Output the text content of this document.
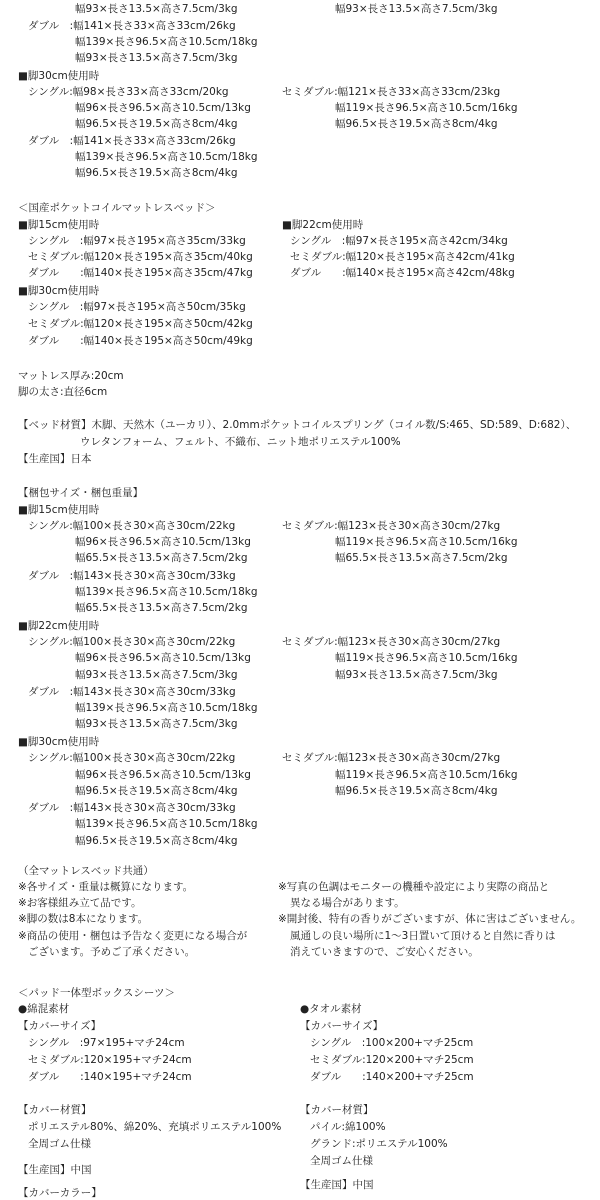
幅93×長さ13.5×高さ7.5cm/3kg	幅93×長さ13.5×高さ7.5cm/3kg
ダブル　:幅141×長さ33×高さ33cm/26kg
幅139×長さ96.5×高さ10.5cm/18kg
幅93×長さ13.5×高さ7.5cm/3kg
■脚30cm使用時
シングル:幅98×長さ33×高さ33cm/20kg	セミダブル:幅121×長さ33×高さ33cm/23kg
幅96×長さ96.5×高さ10.5cm/13kg	幅119×長さ96.5×高さ10.5cm/16kg
幅96.5×長さ19.5×高さ8cm/4kg	幅96.5×長さ19.5×高さ8cm/4kg
ダブル　:幅141×長さ33×高さ33cm/26kg
幅139×長さ96.5×高さ10.5cm/18kg
幅96.5×長さ19.5×高さ8cm/4kg
＜国産ポケットコイルマットレスベッド＞
■脚15cm使用時	■脚22cm使用時
シングル　:幅97×長さ195×高さ35cm/33kg	シングル　:幅97×長さ195×高さ42cm/34kg
セミダブル:幅120×長さ195×高さ35cm/40kg	セミダブル:幅120×長さ195×高さ42cm/41kg
ダブル　　:幅140×長さ195×高さ35cm/47kg	ダブル　　:幅140×長さ195×高さ42cm/48kg
■脚30cm使用時
シングル　:幅97×長さ195×高さ50cm/35kg
セミダブル:幅120×長さ195×高さ50cm/42kg
ダブル　　:幅140×長さ195×高さ50cm/49kg
マットレス厚み:20cm
脚の太さ:直径6cm
【ベッド材質】木脚、天然木（ユーカリ）、2.0mmポケットコイルスプリング（コイル数/S:465、SD:589、D:682）、
ウレタンフォーム、フェルト、不織布、ニット地ポリエステル100%
【生産国】日本
【梱包サイズ・梱包重量】
■脚15cm使用時
シングル:幅100×長さ30×高さ30cm/22kg	セミダブル:幅123×長さ30×高さ30cm/27kg
幅96×長さ96.5×高さ10.5cm/13kg	幅119×長さ96.5×高さ10.5cm/16kg
幅65.5×長さ13.5×高さ7.5cm/2kg	幅65.5×長さ13.5×高さ7.5cm/2kg
ダブル　:幅143×長さ30×高さ30cm/33kg
幅139×長さ96.5×高さ10.5cm/18kg
幅65.5×長さ13.5×高さ7.5cm/2kg
■脚22cm使用時
シングル:幅100×長さ30×高さ30cm/22kg	セミダブル:幅123×長さ30×高さ30cm/27kg
幅96×長さ96.5×高さ10.5cm/13kg	幅119×長さ96.5×高さ10.5cm/16kg
幅93×長さ13.5×高さ7.5cm/3kg	幅93×長さ13.5×高さ7.5cm/3kg
ダブル　:幅143×長さ30×高さ30cm/33kg
幅139×長さ96.5×高さ10.5cm/18kg
幅93×長さ13.5×高さ7.5cm/3kg
■脚30cm使用時
シングル:幅100×長さ30×高さ30cm/22kg	セミダブル:幅123×長さ30×高さ30cm/27kg
幅96×長さ96.5×高さ10.5cm/13kg	幅119×長さ96.5×高さ10.5cm/16kg
幅96.5×長さ19.5×高さ8cm/4kg	幅96.5×長さ19.5×高さ8cm/4kg
ダブル　:幅143×長さ30×高さ30cm/33kg
幅139×長さ96.5×高さ10.5cm/18kg
幅96.5×長さ19.5×高さ8cm/4kg
（全マットレスベッド共通）
※各サイズ・重量は概算になります。	※写真の色調はモニターの機種や設定により実際の商品と
※お客様組み立て品です。	異なる場合があります。
※脚の数は8本になります。	※開封後、特有の香りがございますが、体に害はございません。
※商品の使用・梱包は予告なく変更になる場合が	風通しの良い場所に1～3日置いて頂けると自然に香りは
ございます。予めご了承ください。	消えていきますので、ご安心ください。
＜パッド一体型ボックスシーツ＞
●綿混素材	●タオル素材
【カバーサイズ】	【カバーサイズ】
シングル　:97×195+マチ24cm	シングル　:100×200+マチ25cm
セミダブル:120×195+マチ24cm	セミダブル:120×200+マチ25cm
ダブル　　:140×195+マチ24cm	ダブル　　:140×200+マチ25cm
【カバー材質】	【カバー材質】
ポリエステル80%、綿20%、充填ポリエステル100%	パイル:綿100%
全周ゴム仕様	グランド:ポリエステル100%
全周ゴム仕様
【生産国】中国
【生産国】中国
【カバーカラー】
